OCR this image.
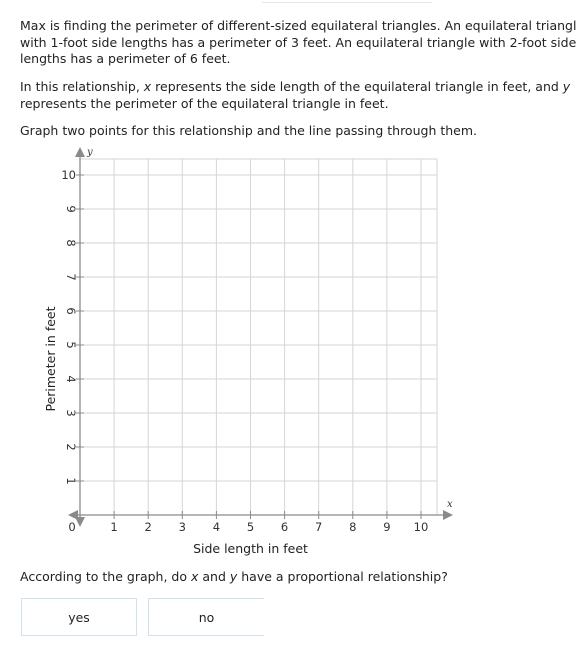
Max is finding the perimeter of different-sized equilateral triangles. An equilateral triangl
with 1-foot side lengths has a perimeter of 3 feet. An equilateral triangle with 2-foot side
lengths has a perimeter of 6 feet.
In this relationship, x represents the side length of the equilateral triangle in feet, and y
represents the perimeter of the equilateral triangle in feet.
Graph two points for this relationship and the line passing through them.
0	1 2 3 4 5 6 7 8 9 10
1
2
3
4
5
6
7
8
9
10
x
y
Side length in feet
Perimeter in feet
According to the graph, do x and y have a proportional relationship?
yes	no
